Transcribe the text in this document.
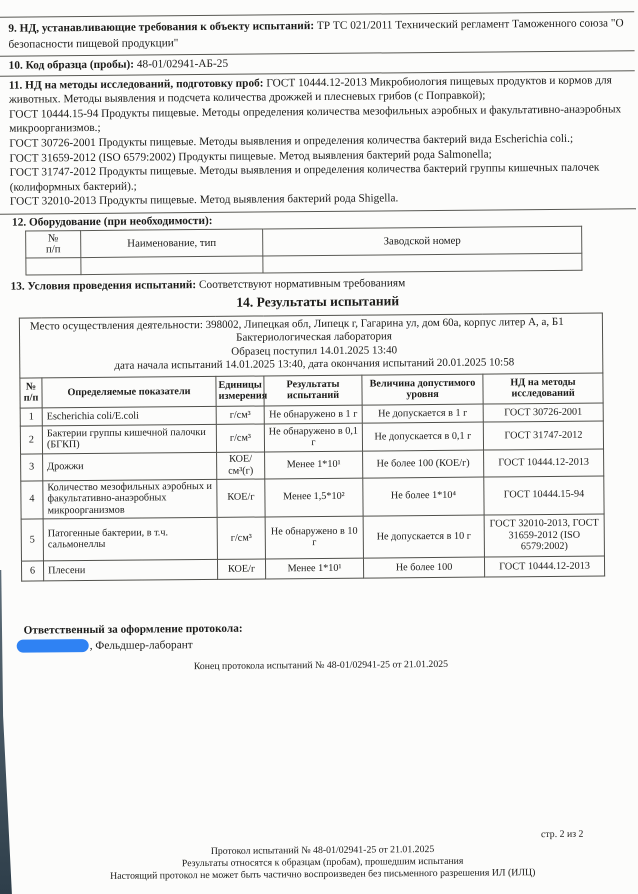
9. НД, устанавливающие требования к объекту испытаний: ТР ТС 021/2011 Технический регламент Таможенного союза "О безопасности пищевой продукции"
10. Код образца (пробы): 48-01/02941-АБ-25
11. НД на методы исследований, подготовку проб: ГОСТ 10444.12-2013 Микробиология пищевых продуктов и кормов для животных. Методы выявления и подсчета количества дрожжей и плесневых грибов (с Поправкой);
ГОСТ 10444.15-94 Продукты пищевые. Методы определения количества мезофильных аэробных и факультативно-анаэробных микроорганизмов.;
ГОСТ 30726-2001 Продукты пищевые. Методы выявления и определения количества бактерий вида Escherichia coli.;
ГОСТ 31659-2012 (ISO 6579:2002) Продукты пищевые. Метод выявления бактерий рода Salmonella;
ГОСТ 31747-2012 Продукты пищевые. Методы выявления и определения количества бактерий группы кишечных палочек (колиформных бактерий).;
ГОСТ 32010-2013 Продукты пищевые. Метод выявления бактерий рода Shigella.
12. Оборудование (при необходимости):
№
п/п	Наименование, тип	Заводской номер

13. Условия проведения испытаний: Соответствуют нормативным требованиям
14. Результаты испытаний
Место осуществления деятельности: 398002, Липецкая обл, Липецк г, Гагарина ул, дом 60а, корпус литер А, а, Б1
Бактериологическая лаборатория
Образец поступил 14.01.2025 13:40
дата начала испытаний 14.01.2025 13:40, дата окончания испытаний 20.01.2025 10:58					

№
п/п	Определяемые показатели	Единицы измерения	Результаты испытаний	Величина допустимого уровня	НД на методы исследований
1	Escherichia coli/E.coli	г/см³	Не обнаружено в 1 г	Не допускается в 1 г	ГОСТ 30726-2001
2	Бактерии группы кишечной палочки (БГКП)	г/см³	Не обнаружено в 0,1 г	Не допускается в 0,1 г	ГОСТ 31747-2012
3	Дрожжи	КОЕ/см³(г)	Менее 1*10¹	Не более 100 (КОЕ/г)	ГОСТ 10444.12-2013
4	Количество мезофильных аэробных и факультативно-анаэробных микроорганизмов	КОЕ/г	Менее 1,5*10²	Не более 1*10⁴	ГОСТ 10444.15-94
5	Патогенные бактерии, в т.ч. сальмонеллы	г/см³	Не обнаружено в 10 г	Не допускается в 10 г	ГОСТ 32010-2013, ГОСТ 31659-2012 (ISO 6579:2002)
6	Плесени	КОЕ/г	Менее 1*10¹	Не более 100	ГОСТ 10444.12-2013
Ответственный за оформление протокола:
, Фельдшер-лаборант
Конец протокола испытаний № 48-01/02941-25 от 21.01.2025
стр. 2 из 2
Протокол испытаний № 48-01/02941-25 от 21.01.2025
Результаты относятся к образцам (пробам), прошедшим испытания
Настоящий протокол не может быть частично воспроизведен без письменного разрешения ИЛ (ИЛЦ)
